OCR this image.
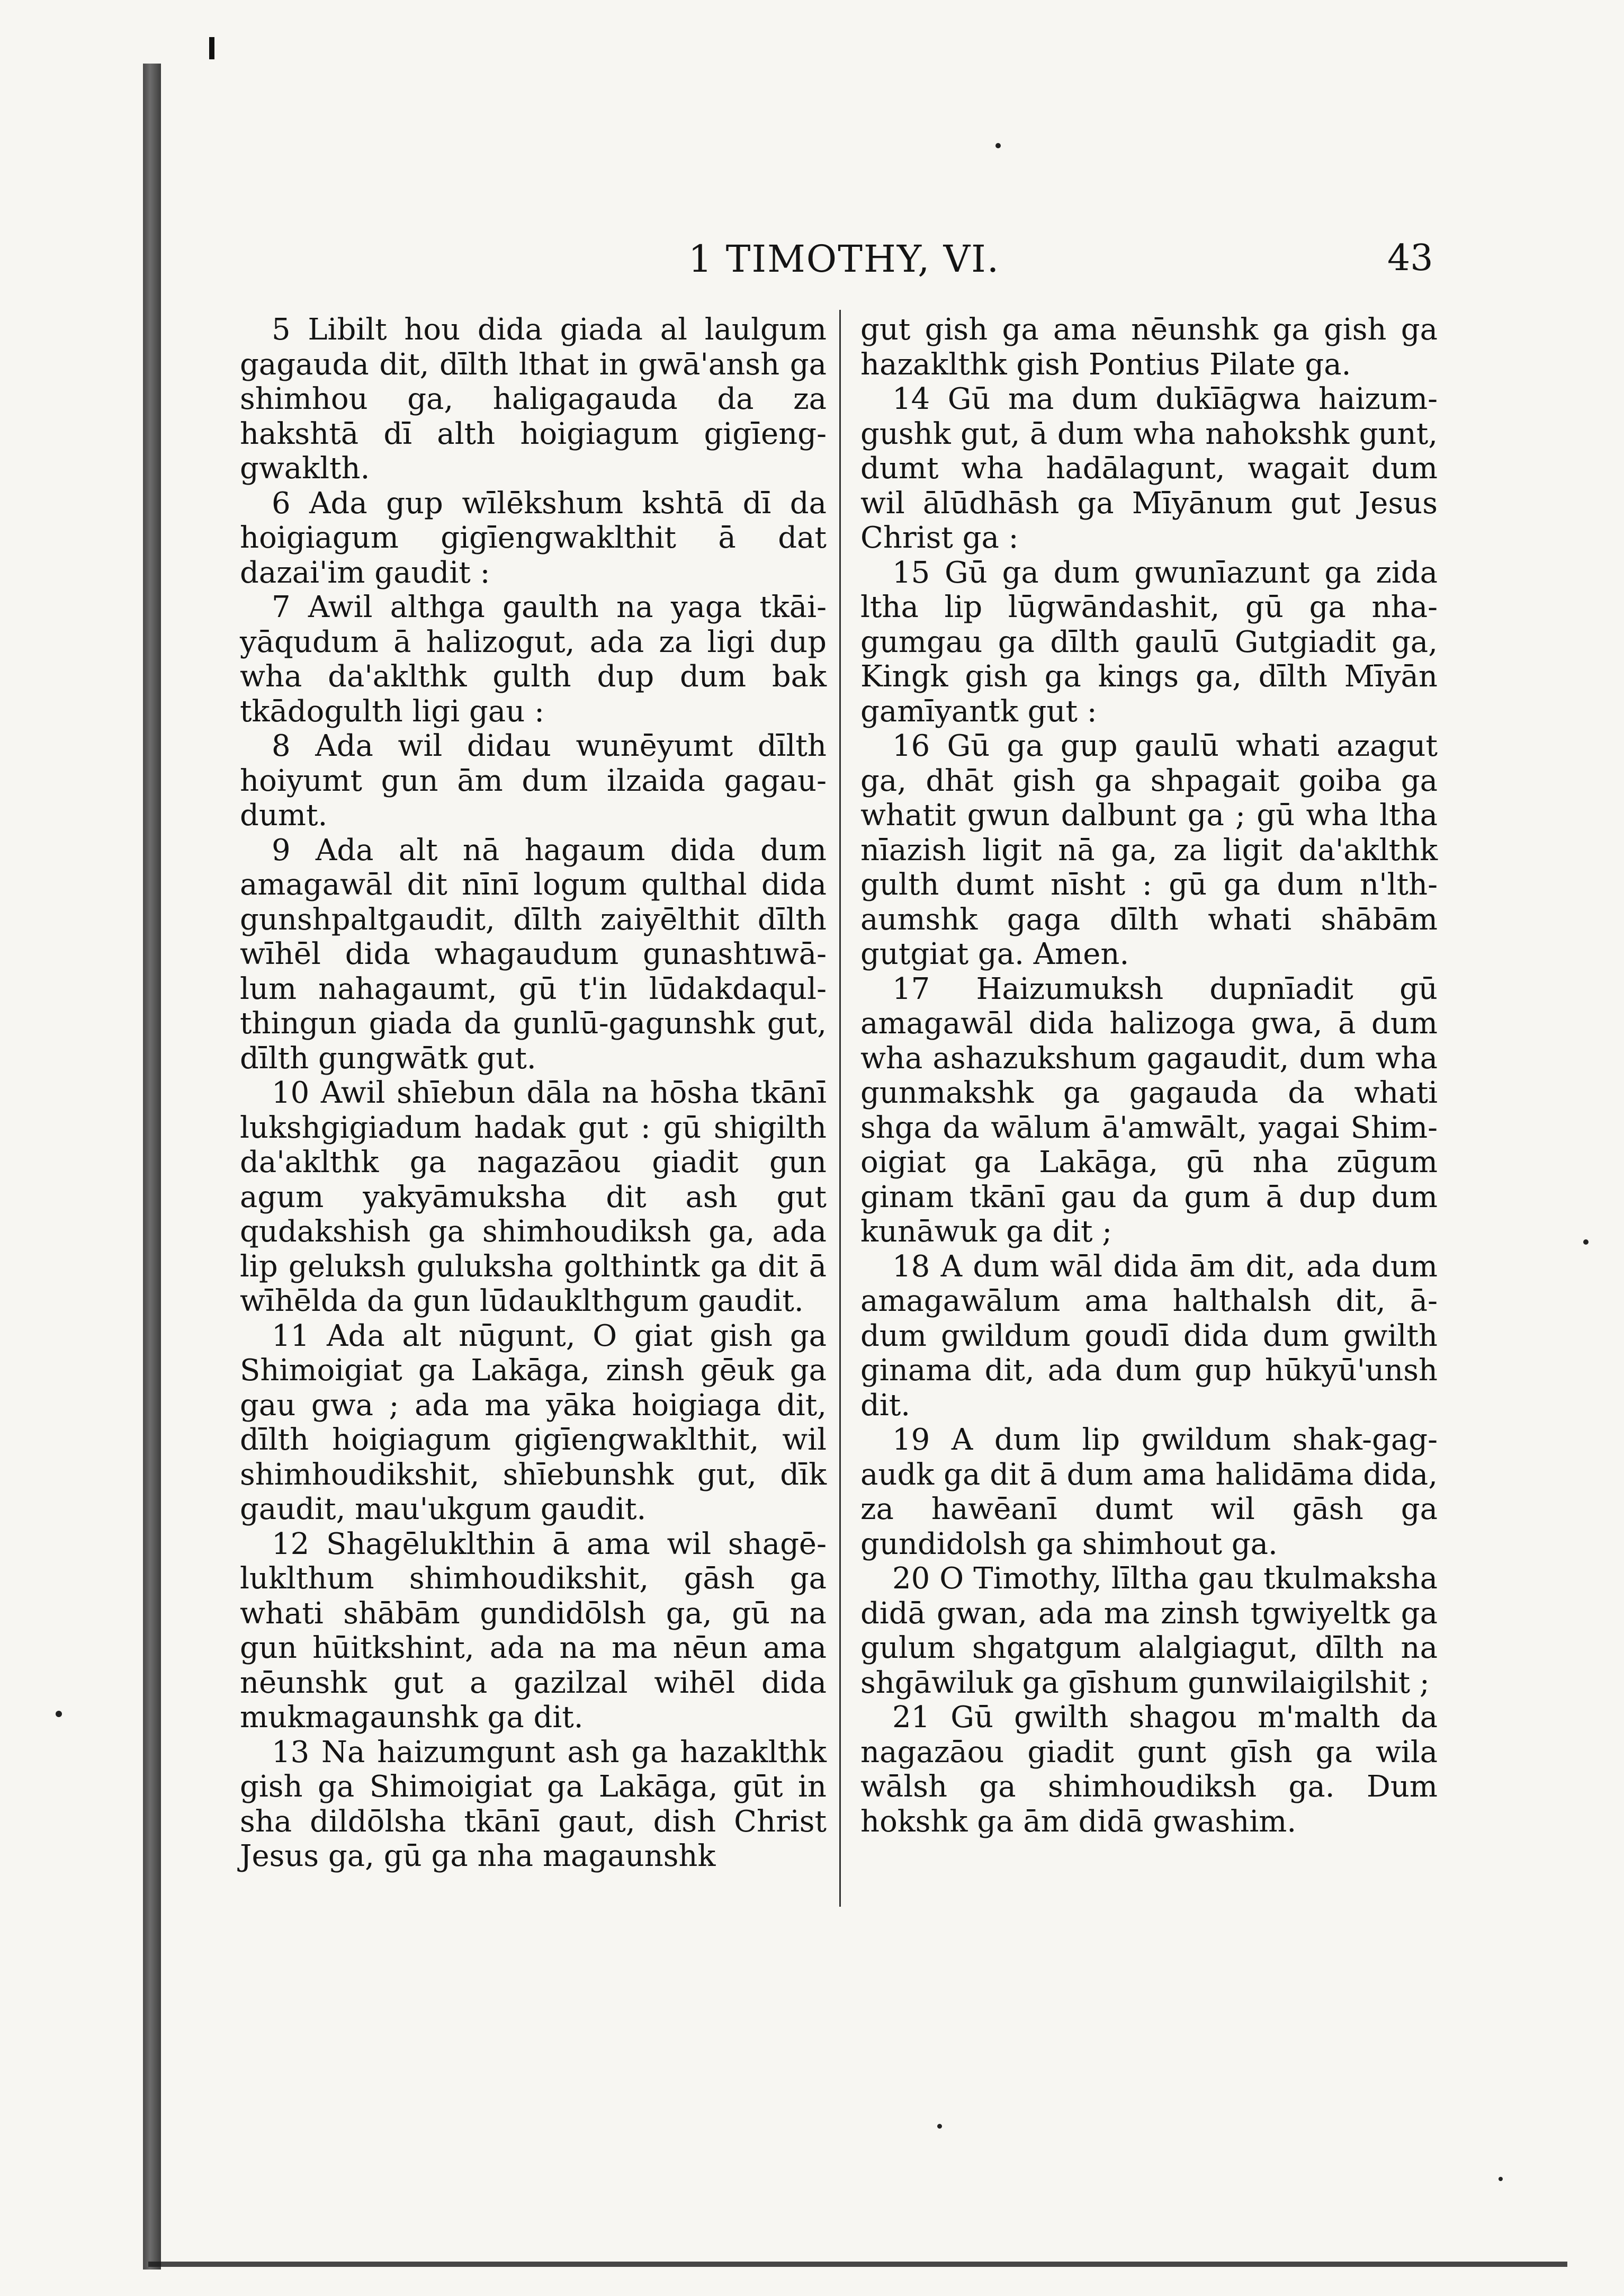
1 TIMOTHY, VI.	43

5 Libilt hou dida giada al laulgum gagauda dit, dīlth lthat in gwā'ansh ga shimhou ga, haligagauda da za hakshtā dī alth hoigiagum gigīenggwaklth.

6 Ada gup wīlēkshum kshtā dī da hoigiagum gigīengwaklthit ā dat dazai'im gaudit :

7 Awil althga gaulth na yaga tkāiyāqudum ā halizogut, ada za ligi dup wha da'aklthk gulth dup dum bak tkādogulth ligi gau :

8 Ada wil didau wunēyumt dīlth hoiyumt gun ām dum ilzaida gagaudumt.

9 Ada alt nā hagaum dida dum amagawāl dit nīnī logum qulthal dida gunshpaltgaudit, dīlth zaiyēlthit dīlth wīhēl dida whagaudum gunashtıwālum nahagaumt, gū t'in lūdakdaqulthingun giada da gunlū-gagunshk gut, dīlth gungwātk gut.

10 Awil shīebun dāla na hōsha tkānī lukshgigiadum hadak gut : gū shigilth da'aklthk ga nagazāou giadit gun agum yakyāmuksha dit ash gut qudakshish ga shimhoudiksh ga, ada lip geluksh guluksha golthintk ga dit ā wīhēlda da gun lūdauklthgum gaudit.

11 Ada alt nūgunt, O giat gish ga Shimoigiat ga Lakāga, zinsh gēuk ga gau gwa ; ada ma yāka hoigiaga dit, dīlth hoigiagum gigīengwaklthit, wil shimhoudikshit, shīebunshk gut, dīk gaudit, mau'ukgum gaudit.

12 Shagēluklthin ā ama wil shagēluklthum shimhoudikshit, gāsh ga whati shābām gundidōlsh ga, gū na gun hūitkshint, ada na ma nēun ama nēunshk gut a gazilzal wihēl dida mukmagaunshk ga dit.

13 Na haizumgunt ash ga hazaklthk gish ga Shimoigiat ga Lakāga, gūt in sha dildōlsha tkānī gaut, dish Christ Jesus ga, gū ga nha magaunshk

gut gish ga ama nēunshk ga gish ga hazaklthk gish Pontius Pilate ga.

14 Gū ma dum dukīāgwa haizumgushk gut, ā dum wha nahokshk gunt, dumt wha hadālagunt, wagait dum wil ālūdhāsh ga Mīyānum gut Jesus Christ ga :

15 Gū ga dum gwunīazunt ga zida ltha lip lūgwāndashit, gū ga nhagumgau ga dīlth gaulū Gutgiadit ga, Kingk gish ga kings ga, dīlth Mīyān gamīyantk gut :

16 Gū ga gup gaulū whati azagut ga, dhāt gish ga shpagait goiba ga whatit gwun dalbunt ga ; gū wha ltha nīazish ligit nā ga, za ligit da'aklthk gulth dumt nīsht : gū ga dum n'lthaumshk gaga dīlth whati shābām gutgiat ga. Amen.

17 Haizumuksh dupnīadit gū amagawāl dida halizoga gwa, ā dum wha ashazukshum gagaudit, dum wha gunmakshk ga gagauda da whati shga da wālum ā'amwālt, yagai Shimoigiat ga Lakāga, gū nha zūgum ginam tkānī gau da gum ā dup dum kunāwuk ga dit ;

18 A dum wāl dida ām dit, ada dum amagawālum ama halthalsh dit, ā-dum gwildum goudī dida dum gwilth ginama dit, ada dum gup hūkyū'unsh dit.

19 A dum lip gwildum shak-gagaudk ga dit ā dum ama halidāma dida, za hawēanī dumt wil gāsh ga gundidolsh ga shimhout ga.

20 O Timothy, līltha gau tkulmaksha didā gwan, ada ma zinsh tgwiyeltk ga gulum shgatgum alalgiagut, dīlth na shgāwiluk ga gīshum gunwilaigilshit ;

21 Gū gwilth shagou m'malth da nagazāou giadit gunt gīsh ga wila wālsh ga shimhoudiksh ga. Dum hokshk ga ām didā gwashim.
